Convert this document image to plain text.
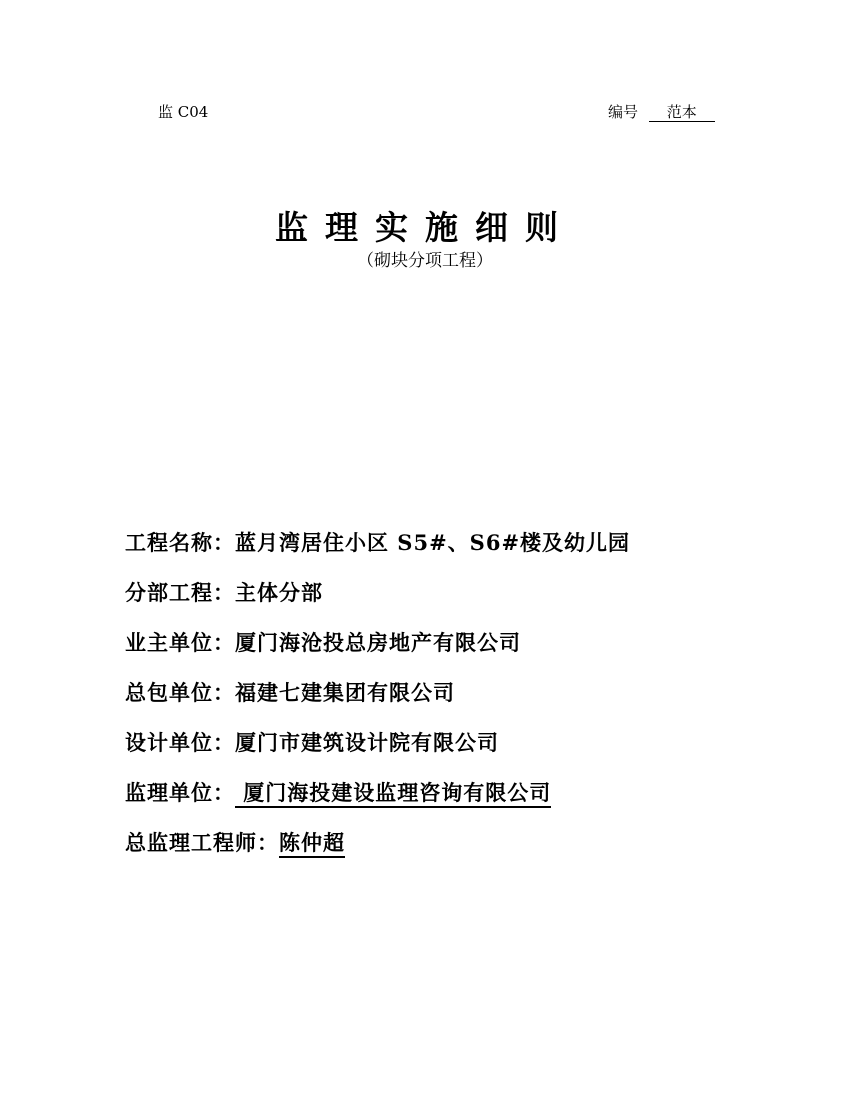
监 C04	编号 范本
监理实施细则
（砌块分项工程）
工程名称：蓝月湾居住小区 S5#、S6#楼及幼儿园
分部工程：主体分部
业主单位：厦门海沧投总房地产有限公司
总包单位：福建七建集团有限公司
设计单位：厦门市建筑设计院有限公司
监理单位： 厦门海投建设监理咨询有限公司
总监理工程师：陈仲超
